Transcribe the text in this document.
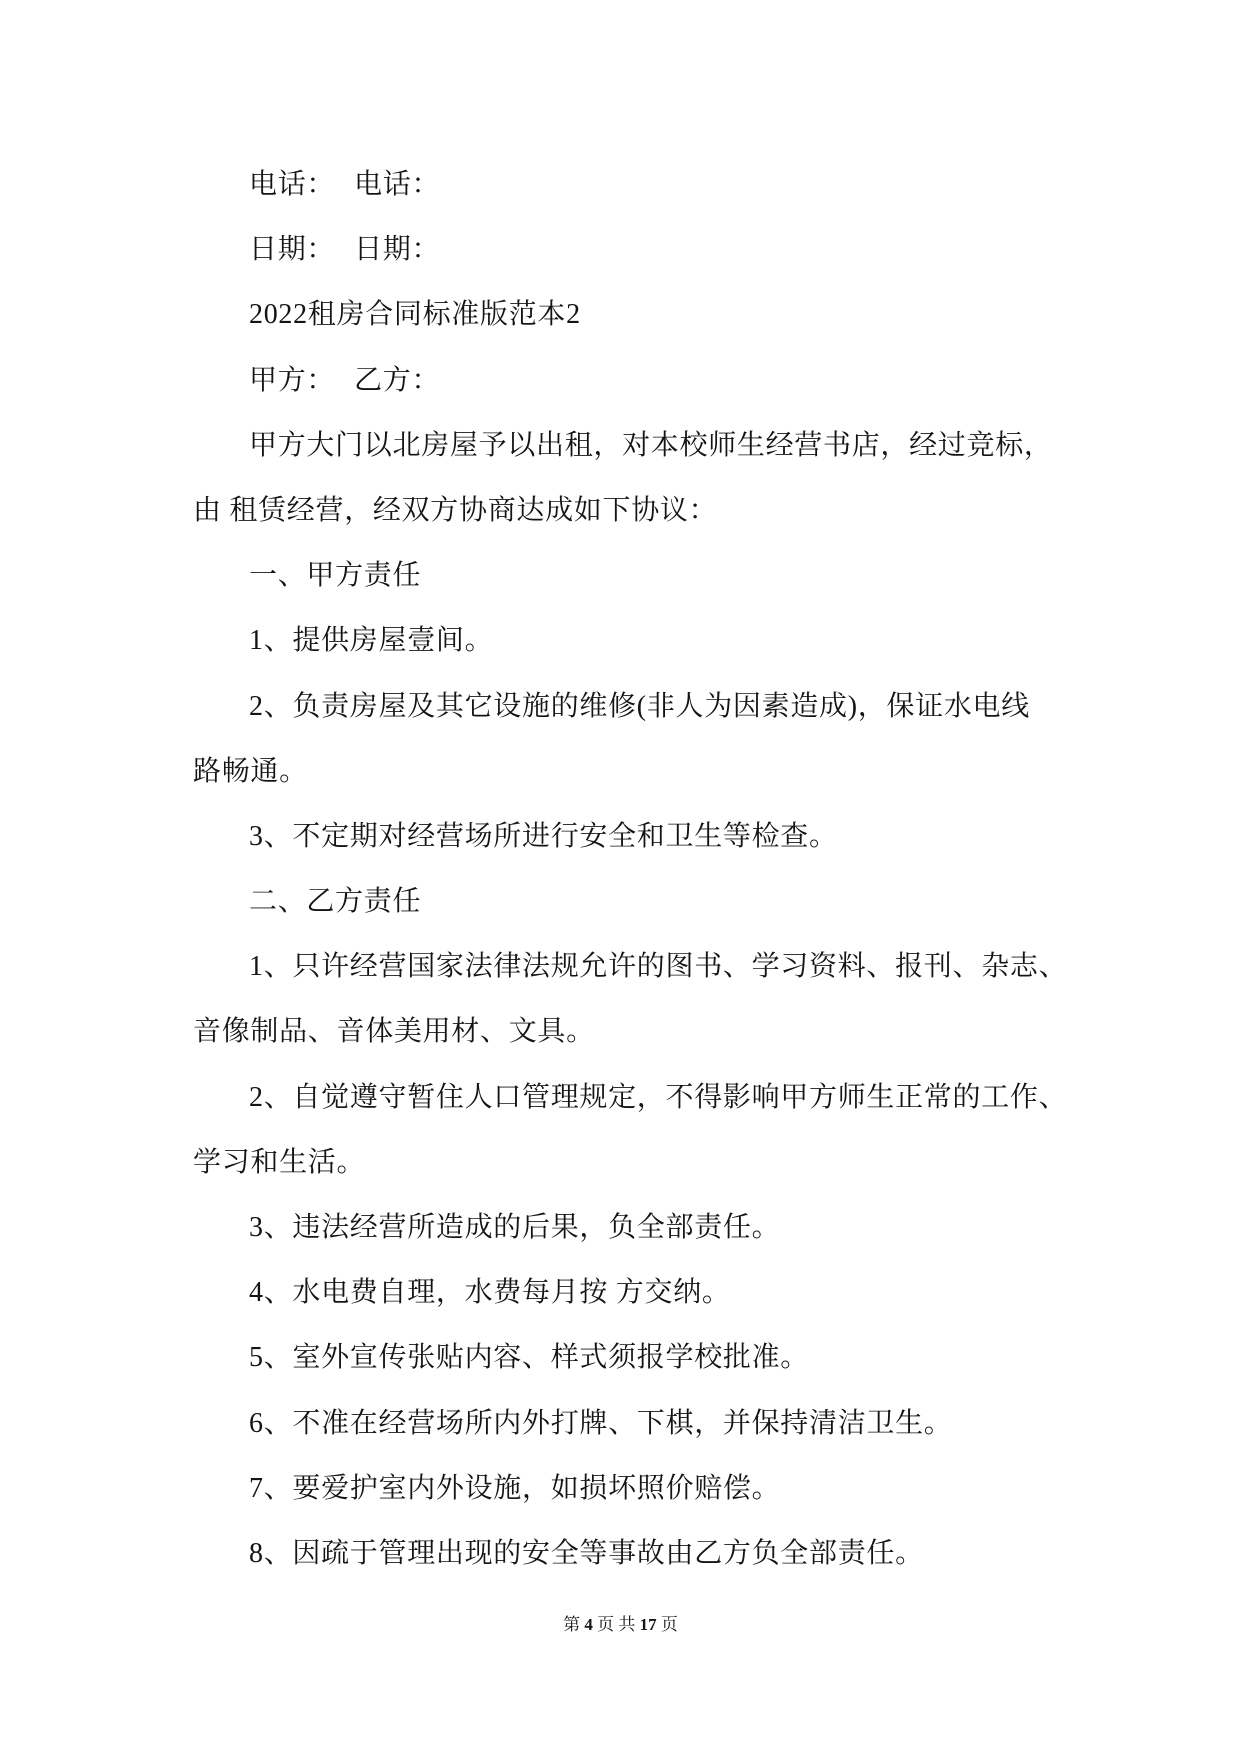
电话： 电话：
日期： 日期：
2022租房合同标准版范本2
甲方： 乙方：
甲方大门以北房屋予以出租，对本校师生经营书店，经过竞标，
由 租赁经营，经双方协商达成如下协议：
一、甲方责任
1、提供房屋壹间。
2、负责房屋及其它设施的维修(非人为因素造成)，保证水电线
路畅通。
3、不定期对经营场所进行安全和卫生等检查。
二、乙方责任
1、只许经营国家法律法规允许的图书、学习资料、报刊、杂志、
音像制品、音体美用材、文具。
2、自觉遵守暂住人口管理规定，不得影响甲方师生正常的工作、
学习和生活。
3、违法经营所造成的后果，负全部责任。
4、水电费自理，水费每月按 方交纳。
5、室外宣传张贴内容、样式须报学校批准。
6、不准在经营场所内外打牌、下棋，并保持清洁卫生。
7、要爱护室内外设施，如损坏照价赔偿。
8、因疏于管理出现的安全等事故由乙方负全部责任。
第 4 页 共 17 页
